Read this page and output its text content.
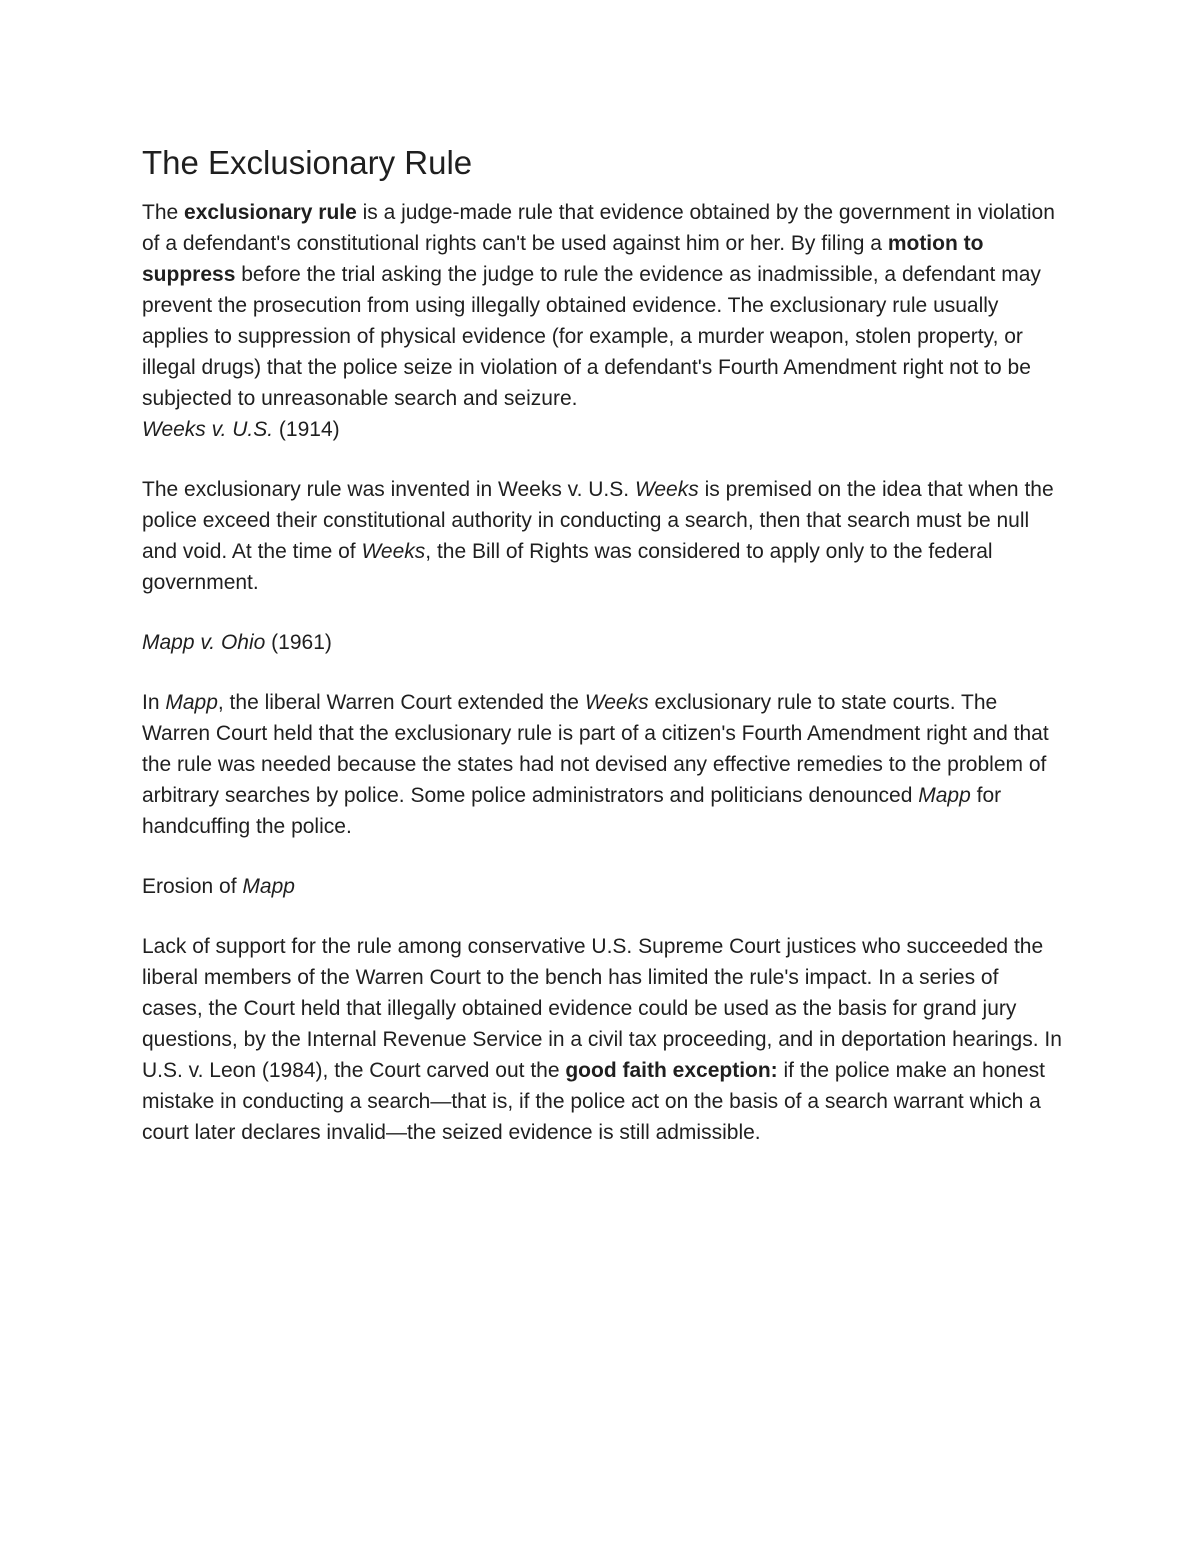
The Exclusionary Rule

The exclusionary rule is a judge-made rule that evidence obtained by the government in violation of a defendant's constitutional rights can't be used against him or her. By filing a motion to suppress before the trial asking the judge to rule the evidence as inadmissible, a defendant may prevent the prosecution from using illegally obtained evidence. The exclusionary rule usually applies to suppression of physical evidence (for example, a murder weapon, stolen property, or illegal drugs) that the police seize in violation of a defendant's Fourth Amendment right not to be subjected to unreasonable search and seizure.

Weeks v. U.S. (1914)

The exclusionary rule was invented in Weeks v. U.S. Weeks is premised on the idea that when the police exceed their constitutional authority in conducting a search, then that search must be null and void. At the time of Weeks, the Bill of Rights was considered to apply only to the federal government.

Mapp v. Ohio (1961)

In Mapp, the liberal Warren Court extended the Weeks exclusionary rule to state courts. The Warren Court held that the exclusionary rule is part of a citizen's Fourth Amendment right and that the rule was needed because the states had not devised any effective remedies to the problem of arbitrary searches by police. Some police administrators and politicians denounced Mapp for handcuffing the police.

Erosion of Mapp

Lack of support for the rule among conservative U.S. Supreme Court justices who succeeded the liberal members of the Warren Court to the bench has limited the rule's impact. In a series of cases, the Court held that illegally obtained evidence could be used as the basis for grand jury questions, by the Internal Revenue Service in a civil tax proceeding, and in deportation hearings. In U.S. v. Leon (1984), the Court carved out the good faith exception: if the police make an honest mistake in conducting a search—that is, if the police act on the basis of a search warrant which a court later declares invalid—the seized evidence is still admissible.
